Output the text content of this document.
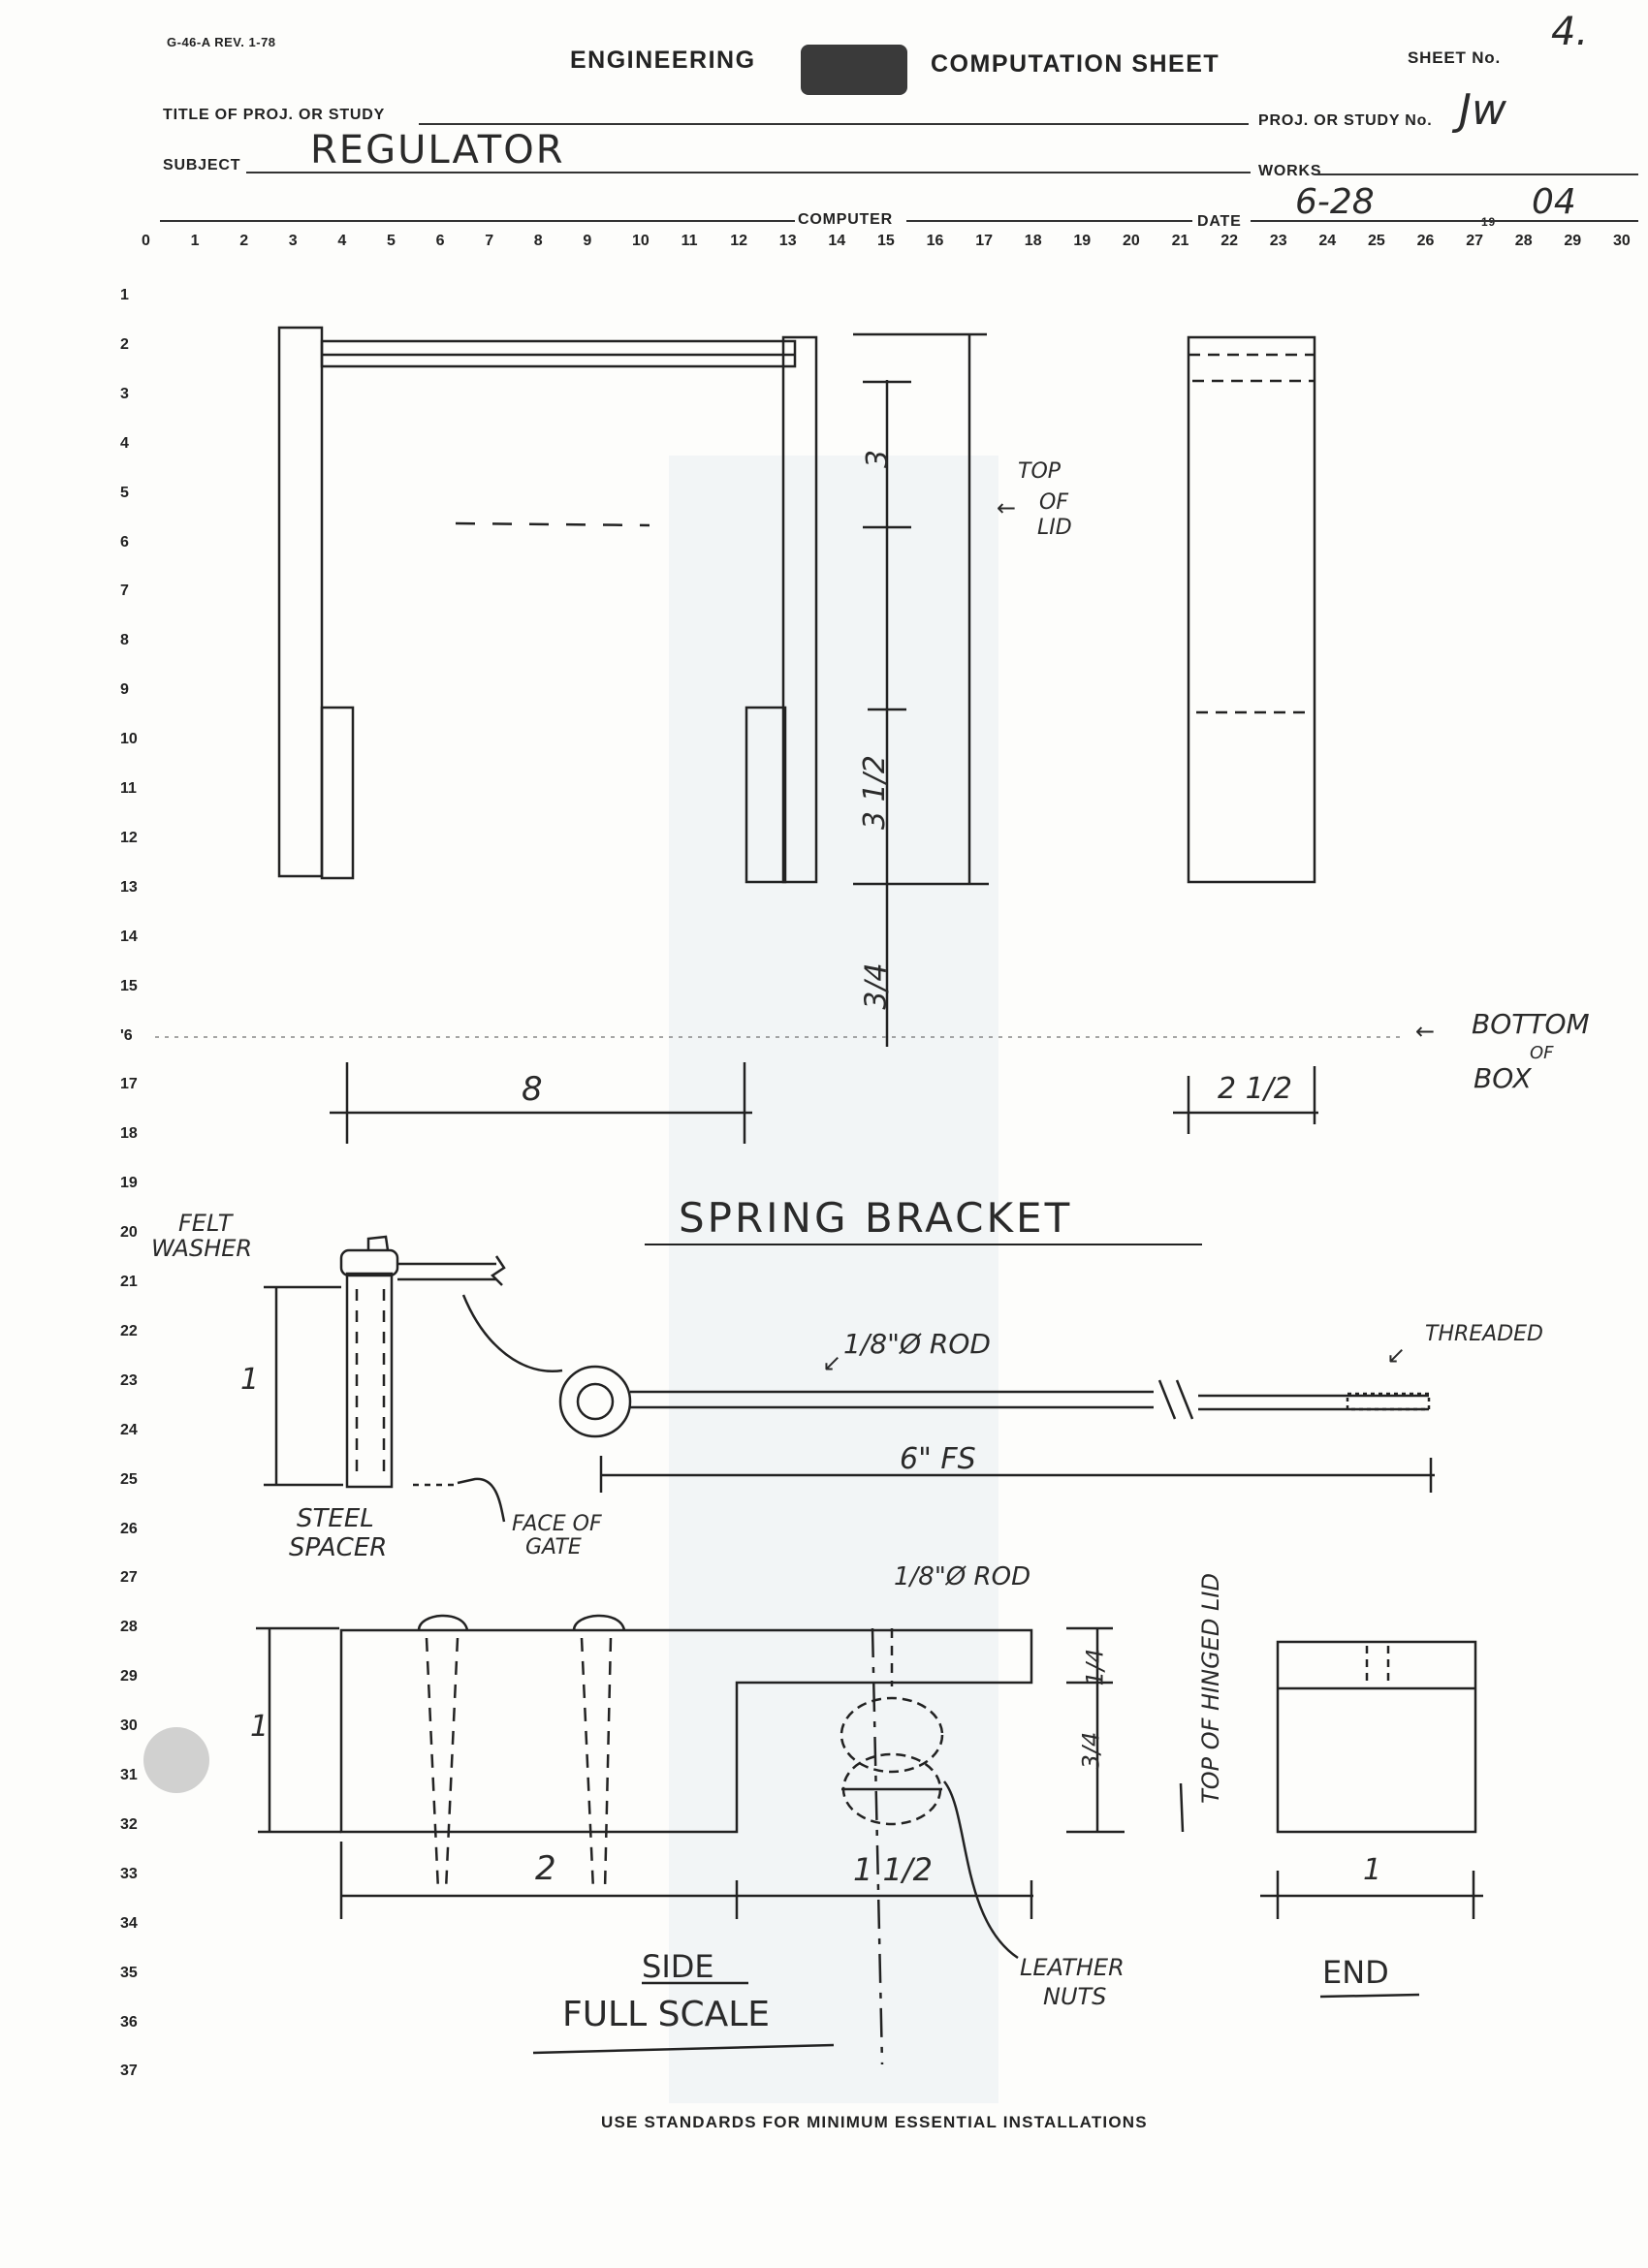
G-46-A REV. 1-78
ENGINEERING	COMPUTATION SHEET	SHEET No.
4.
TITLE OF PROJ. OR STUDY	PROJ. OR STUDY No. Jw
SUBJECT REGULATOR	WORKS
COMPUTER	DATE 6-28	19 04
0	1	2	3	4	5	6	7	8	9	10 11 12 13 14 15 16 17 18 19 20 21 22 23 24 25 26 27 28 29 30
1
2
3
4
5
6
7
8
9
10
11
12
13
14
15
'6
17
18
19
20
21
22
23
24
25
26
27
28
29
30
31
32
33
34
35
36
37
3
3 1/2
3/4
8	2 1/2
TOP
OF
LID
←
BOTTOM
OF
BOX
←
SPRING BRACKET
FELT
WASHER
1/8"Ø ROD
↙
THREADED
↙
6" FS
1
STEEL
SPACER
FACE OF
GATE
1/8"Ø ROD
1/4
3/4	TOP OF HINGED LID
1
2	1 1/2	1
LEATHER
NUTS
SIDE
FULL SCALE
END
USE STANDARDS FOR MINIMUM ESSENTIAL INSTALLATIONS
